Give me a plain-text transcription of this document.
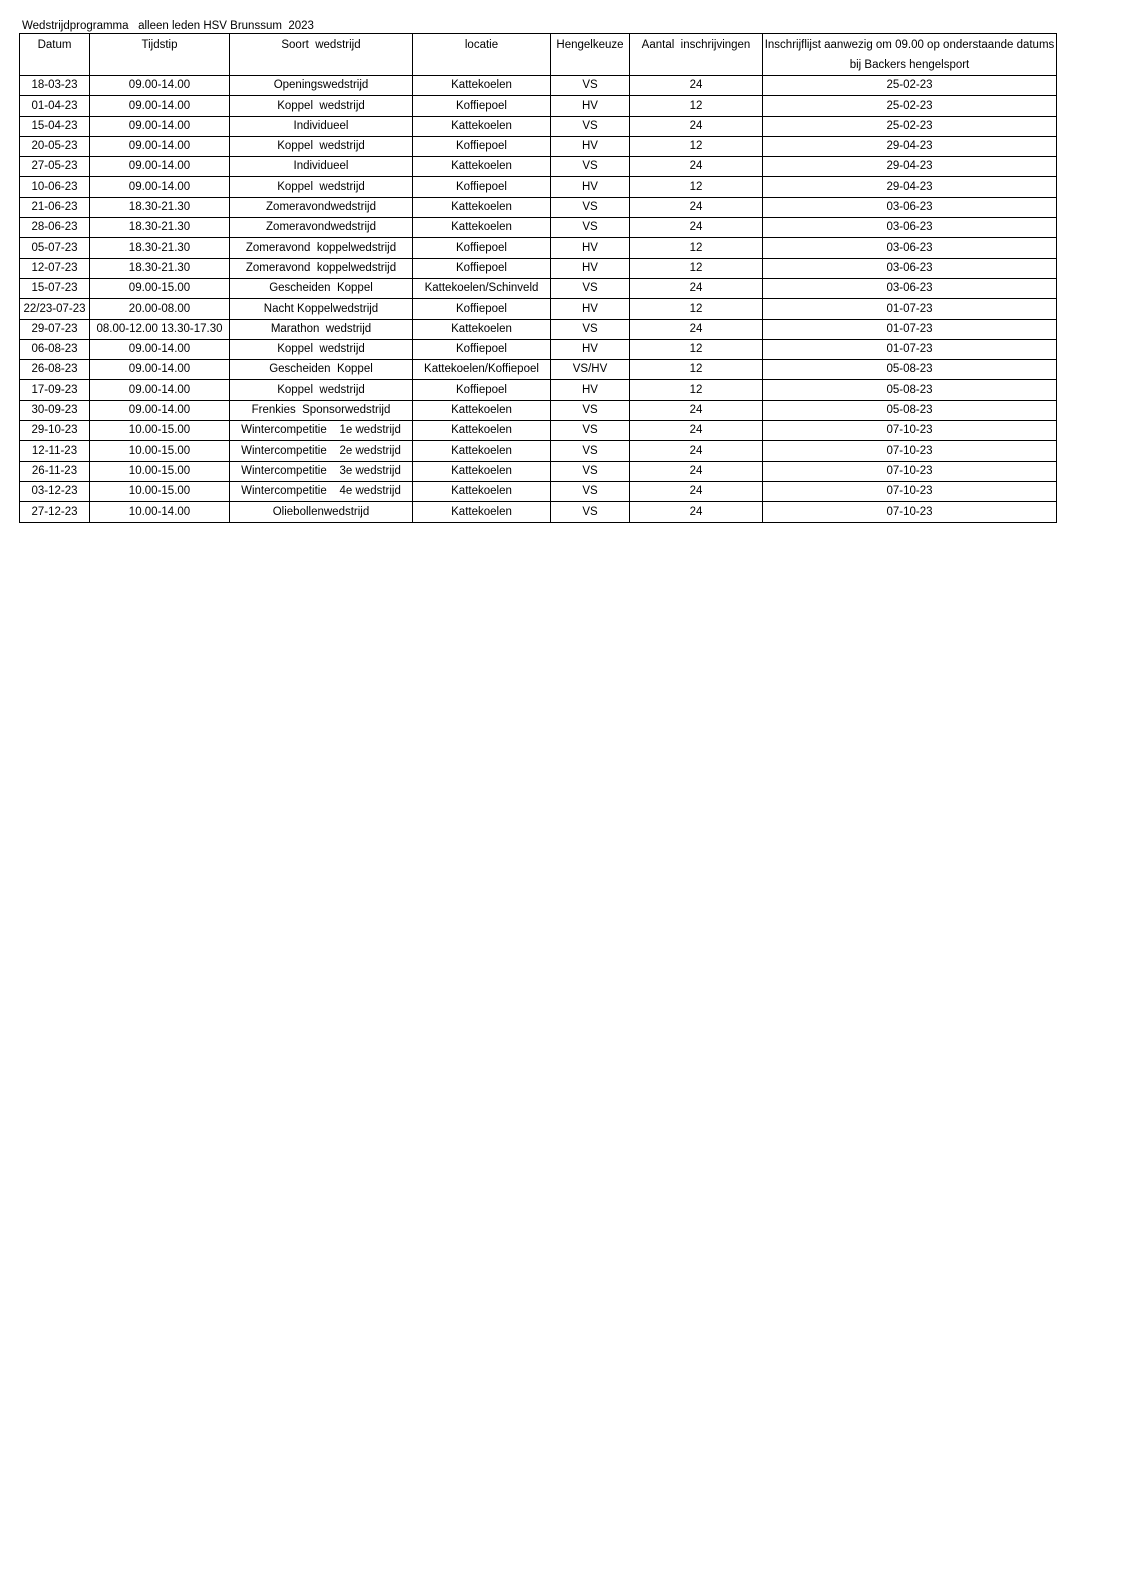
Wedstrijdprogramma   alleen leden HSV Brunssum  2023
Datum	Tijdstip	Soort  wedstrijd	locatie	Hengelkeuze	Aantal  inschrijvingen	Inschrijflijst aanwezig om 09.00 op onderstaande datums bij Backers hengelsport
18-03-23	09.00-14.00	Openingswedstrijd	Kattekoelen	VS	24	25-02-23
01-04-23	09.00-14.00	Koppel  wedstrijd	Koffiepoel	HV	12	25-02-23
15-04-23	09.00-14.00	Individueel	Kattekoelen	VS	24	25-02-23
20-05-23	09.00-14.00	Koppel  wedstrijd	Koffiepoel	HV	12	29-04-23
27-05-23	09.00-14.00	Individueel	Kattekoelen	VS	24	29-04-23
10-06-23	09.00-14.00	Koppel  wedstrijd	Koffiepoel	HV	12	29-04-23
21-06-23	18.30-21.30	Zomeravondwedstrijd	Kattekoelen	VS	24	03-06-23
28-06-23	18.30-21.30	Zomeravondwedstrijd	Kattekoelen	VS	24	03-06-23
05-07-23	18.30-21.30	Zomeravond  koppelwedstrijd	Koffiepoel	HV	12	03-06-23
12-07-23	18.30-21.30	Zomeravond  koppelwedstrijd	Koffiepoel	HV	12	03-06-23
15-07-23	09.00-15.00	Gescheiden  Koppel	Kattekoelen/Schinveld	VS	24	03-06-23
22/23-07-23	20.00-08.00	Nacht Koppelwedstrijd	Koffiepoel	HV	12	01-07-23
29-07-23	08.00-12.00 13.30-17.30	Marathon  wedstrijd	Kattekoelen	VS	24	01-07-23
06-08-23	09.00-14.00	Koppel  wedstrijd	Koffiepoel	HV	12	01-07-23
26-08-23	09.00-14.00	Gescheiden  Koppel	Kattekoelen/Koffiepoel	VS/HV	12	05-08-23
17-09-23	09.00-14.00	Koppel  wedstrijd	Koffiepoel	HV	12	05-08-23
30-09-23	09.00-14.00	Frenkies  Sponsorwedstrijd	Kattekoelen	VS	24	05-08-23
29-10-23	10.00-15.00	Wintercompetitie    1e wedstrijd	Kattekoelen	VS	24	07-10-23
12-11-23	10.00-15.00	Wintercompetitie    2e wedstrijd	Kattekoelen	VS	24	07-10-23
26-11-23	10.00-15.00	Wintercompetitie    3e wedstrijd	Kattekoelen	VS	24	07-10-23
03-12-23	10.00-15.00	Wintercompetitie    4e wedstrijd	Kattekoelen	VS	24	07-10-23
27-12-23	10.00-14.00	Oliebollenwedstrijd	Kattekoelen	VS	24	07-10-23
